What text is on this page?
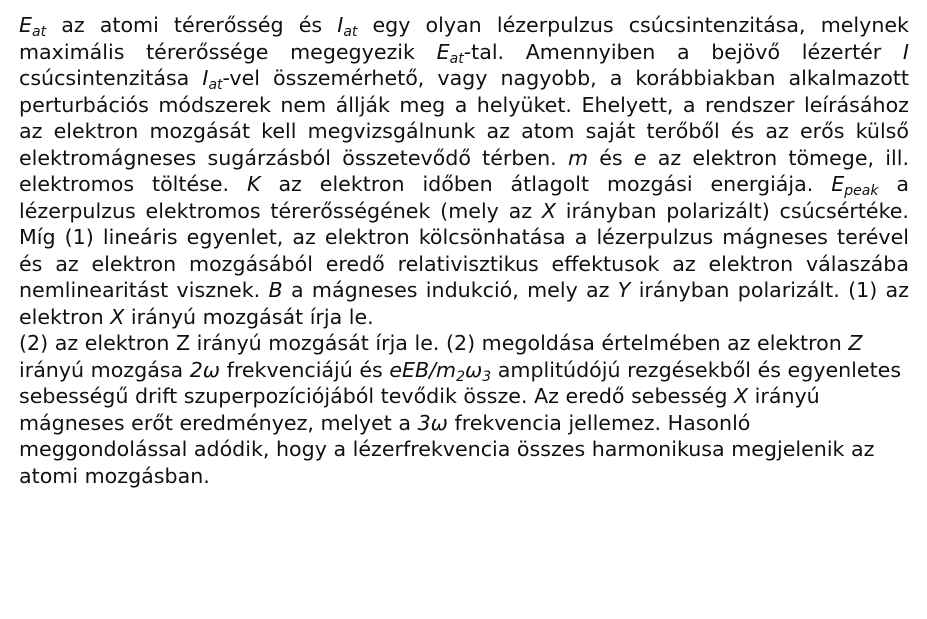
$E_{at}$ az atomi térerősség és $I_{at}$ egy olyan lézerpulzus csúcsintenzitása, melynek maximális térerőssége megegyezik $E_{at}$-tal. Amennyiben a bejövő lézertér I csúcsintenzitása $I_{at}$-vel összemérhető, vagy nagyobb, a korábbiakban alkalmazott perturbációs módszerek nem állják meg a helyüket. Ehelyett, a rendszer leírásához az elektron mozgását kell megvizsgálnunk az atom saját terőből és az erős külső elektromágneses sugárzásból összetevődő térben. m és e az elektron tömege, ill. elektromos töltése. K az elektron időben átlagolt mozgási energiája. $E_{peak}$ a lézerpulzus elektromos térerősségének (mely az X irányban polarizált) csúcsértéke. Míg (1) lineáris egyenlet, az elektron kölcsönhatása a lézerpulzus mágneses terével és az elektron mozgásából eredő relativisztikus effektusok az elektron válaszába nemlinearitást visznek. B a mágneses indukció, mely az Y irányban polarizált. (1) az elektron X irányú mozgását írja le.

(2) az elektron Z irányú mozgását írja le. (2) megoldása értelmében az elektron Z irányú mozgása 2ω frekvenciájú és eEB/$m_2\omega_3$ amplitúdójú rezgésekből és egyenletes sebességű drift szuperpozíciójából tevődik össze. Az eredő sebesség X irányú mágneses erőt eredményez, melyet a 3ω frekvencia jellemez. Hasonló meggondolással adódik, hogy a lézerfrekvencia összes harmonikusa megjelenik az atomi mozgásban.
